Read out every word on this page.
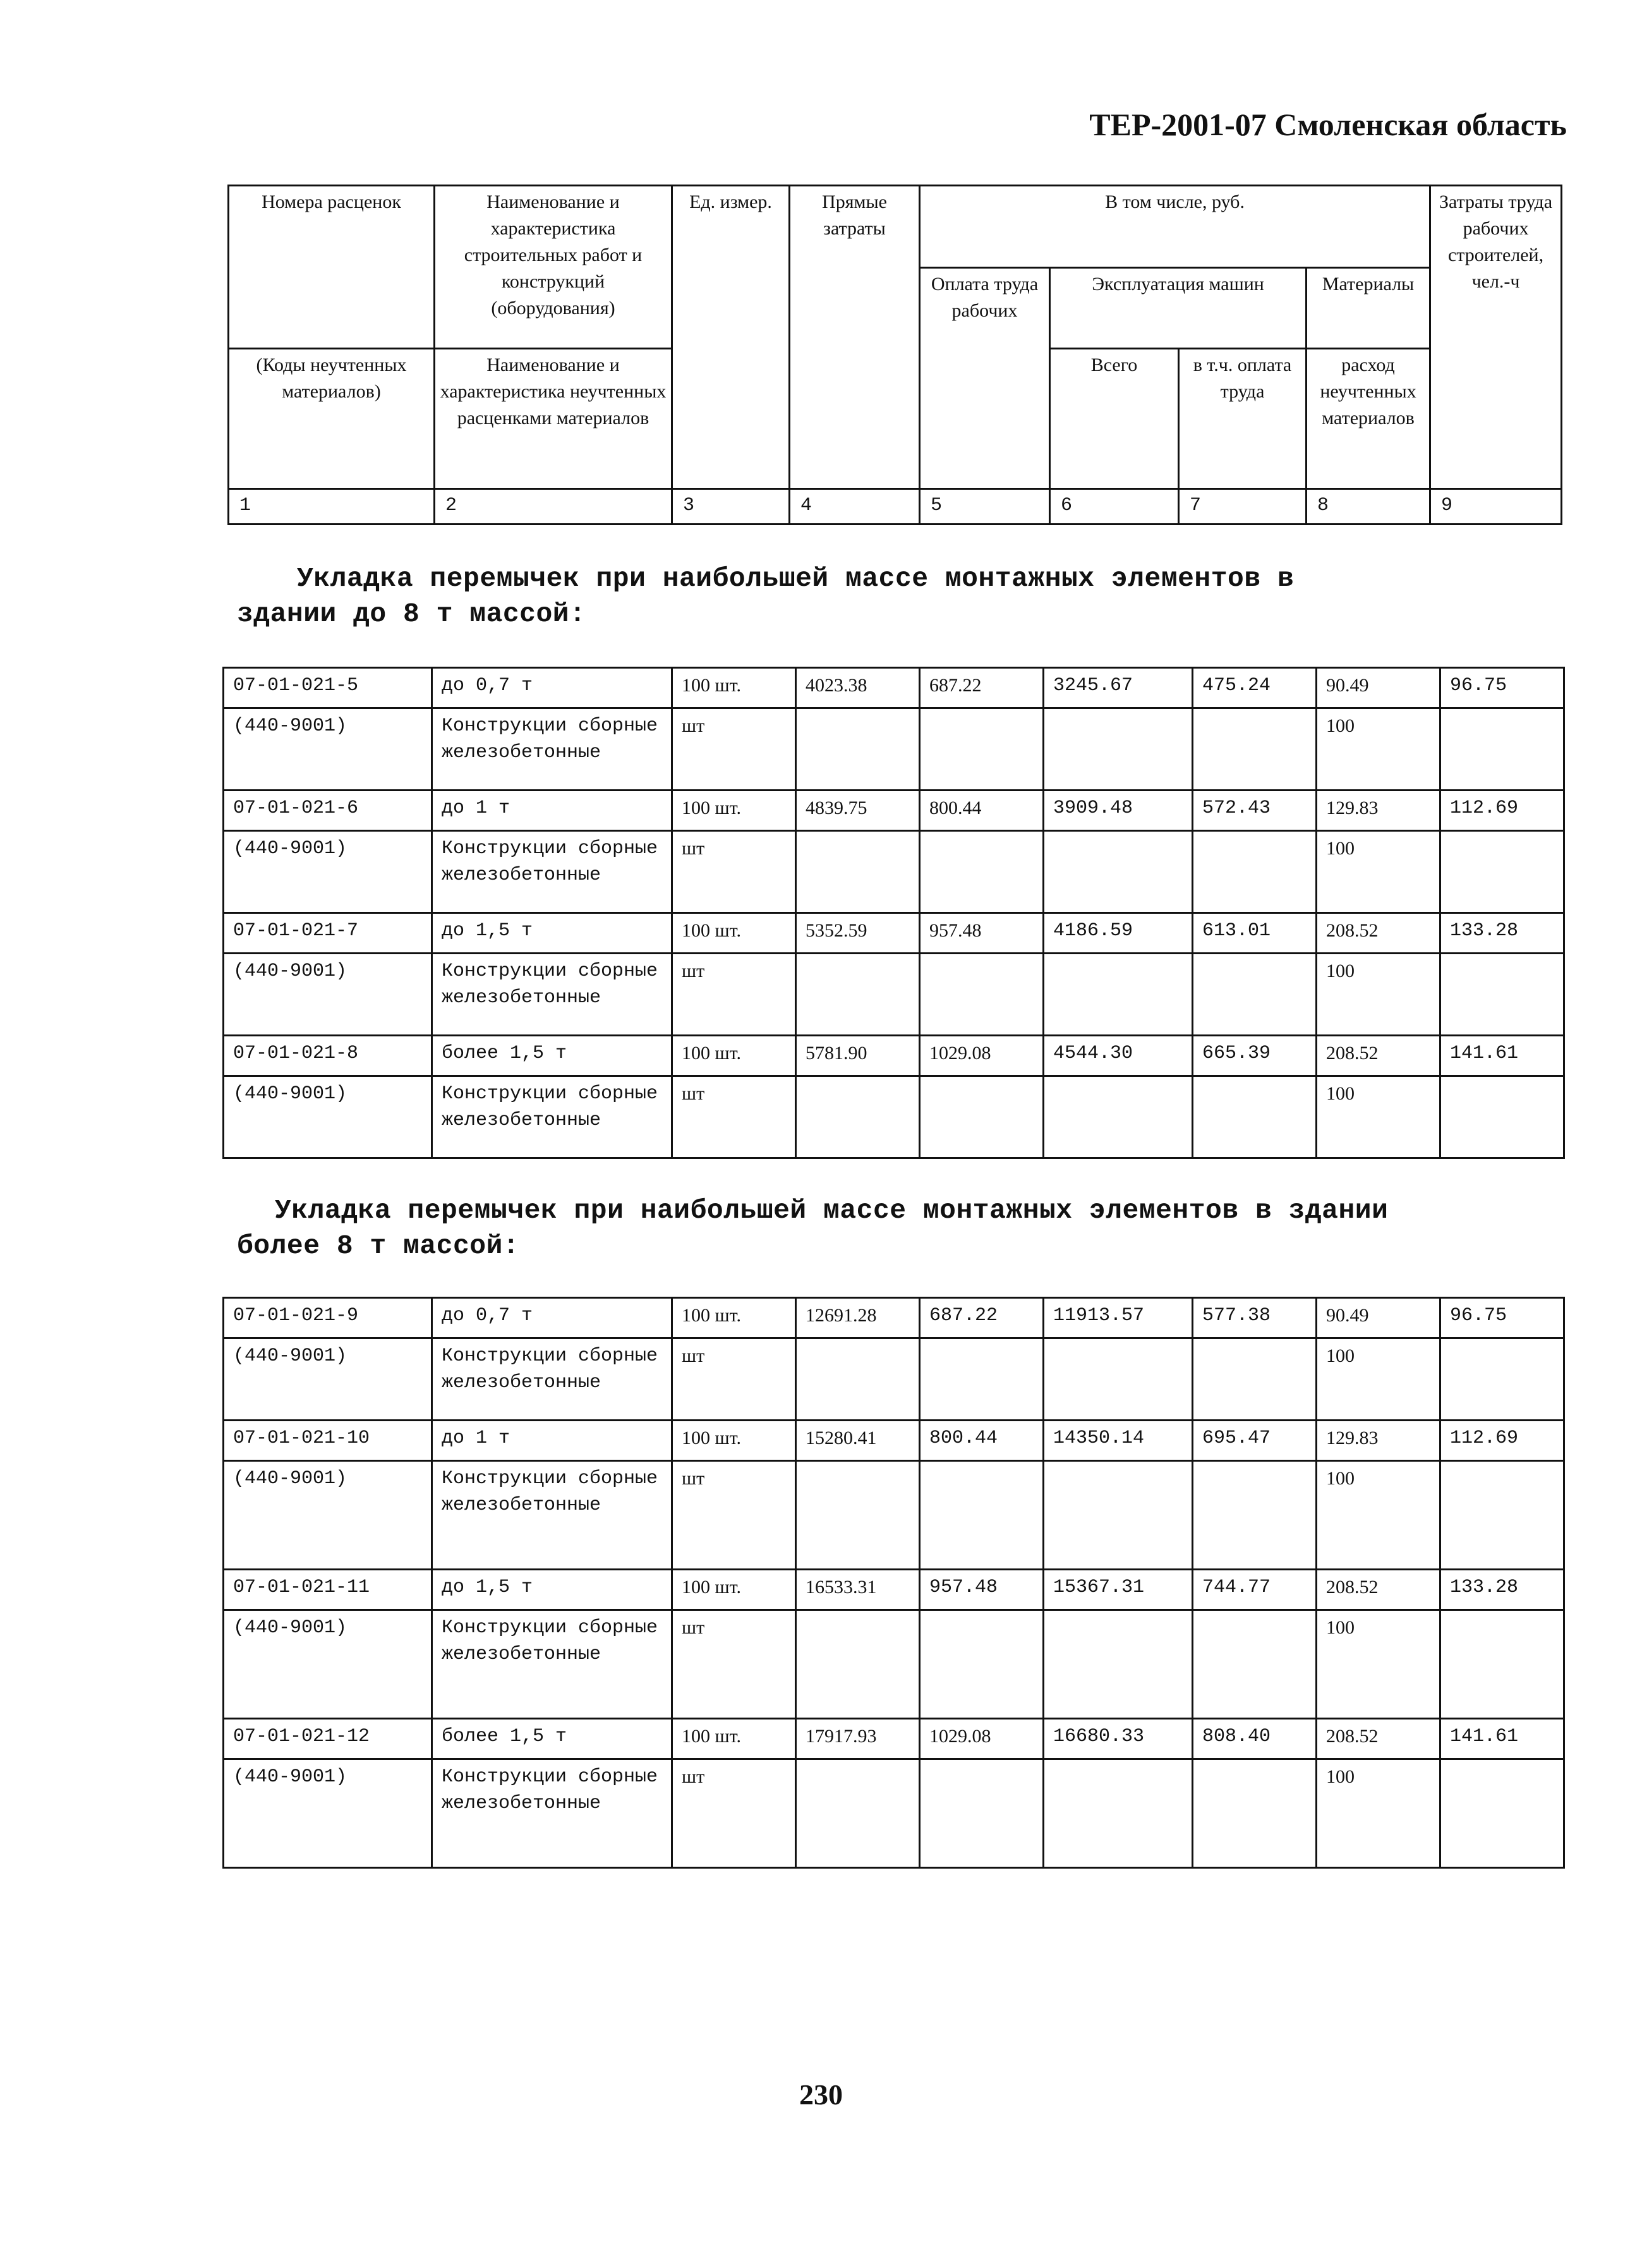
ТЕР-2001-07 Смоленская область
Номера расценок	Наименование и характеристика строительных работ и конструкций (оборудования)	Ед. измер.	Прямые затраты	В том числе, руб.				Затраты труда рабочих строителей, чел.-ч
				Оплата труда рабочих	Эксплуатация машин		Материалы	
(Коды неучтенных материалов)	Наименование и характеристика неучтенных расценками материалов				Всего	в т.ч. оплата труда	расход неучтенных материалов	
1	2	3	4	5	6	7	8	9
Укладка перемычек при наибольшей массе монтажных элементов в
здании до 8 т массой:
07-01-021-5	до 0,7 т	100 шт.	4023.38	687.22	3245.67	475.24	90.49	96.75
(440-9001)	Конструкции сборные железобетонные	шт					100	
07-01-021-6	до 1 т	100 шт.	4839.75	800.44	3909.48	572.43	129.83	112.69
(440-9001)	Конструкции сборные железобетонные	шт					100	
07-01-021-7	до 1,5 т	100 шт.	5352.59	957.48	4186.59	613.01	208.52	133.28
(440-9001)	Конструкции сборные железобетонные	шт					100	
07-01-021-8	более 1,5 т	100 шт.	5781.90	1029.08	4544.30	665.39	208.52	141.61
(440-9001)	Конструкции сборные железобетонные	шт					100	
Укладка перемычек при наибольшей массе монтажных элементов в здании
более 8 т массой:
07-01-021-9	до 0,7 т	100 шт.	12691.28	687.22	11913.57	577.38	90.49	96.75
(440-9001)	Конструкции сборные железобетонные	шт					100	
07-01-021-10	до 1 т	100 шт.	15280.41	800.44	14350.14	695.47	129.83	112.69
(440-9001)	Конструкции сборные железобетонные	шт					100	
07-01-021-11	до 1,5 т	100 шт.	16533.31	957.48	15367.31	744.77	208.52	133.28
(440-9001)	Конструкции сборные железобетонные	шт					100	
07-01-021-12	более 1,5 т	100 шт.	17917.93	1029.08	16680.33	808.40	208.52	141.61
(440-9001)	Конструкции сборные железобетонные	шт					100	
230
